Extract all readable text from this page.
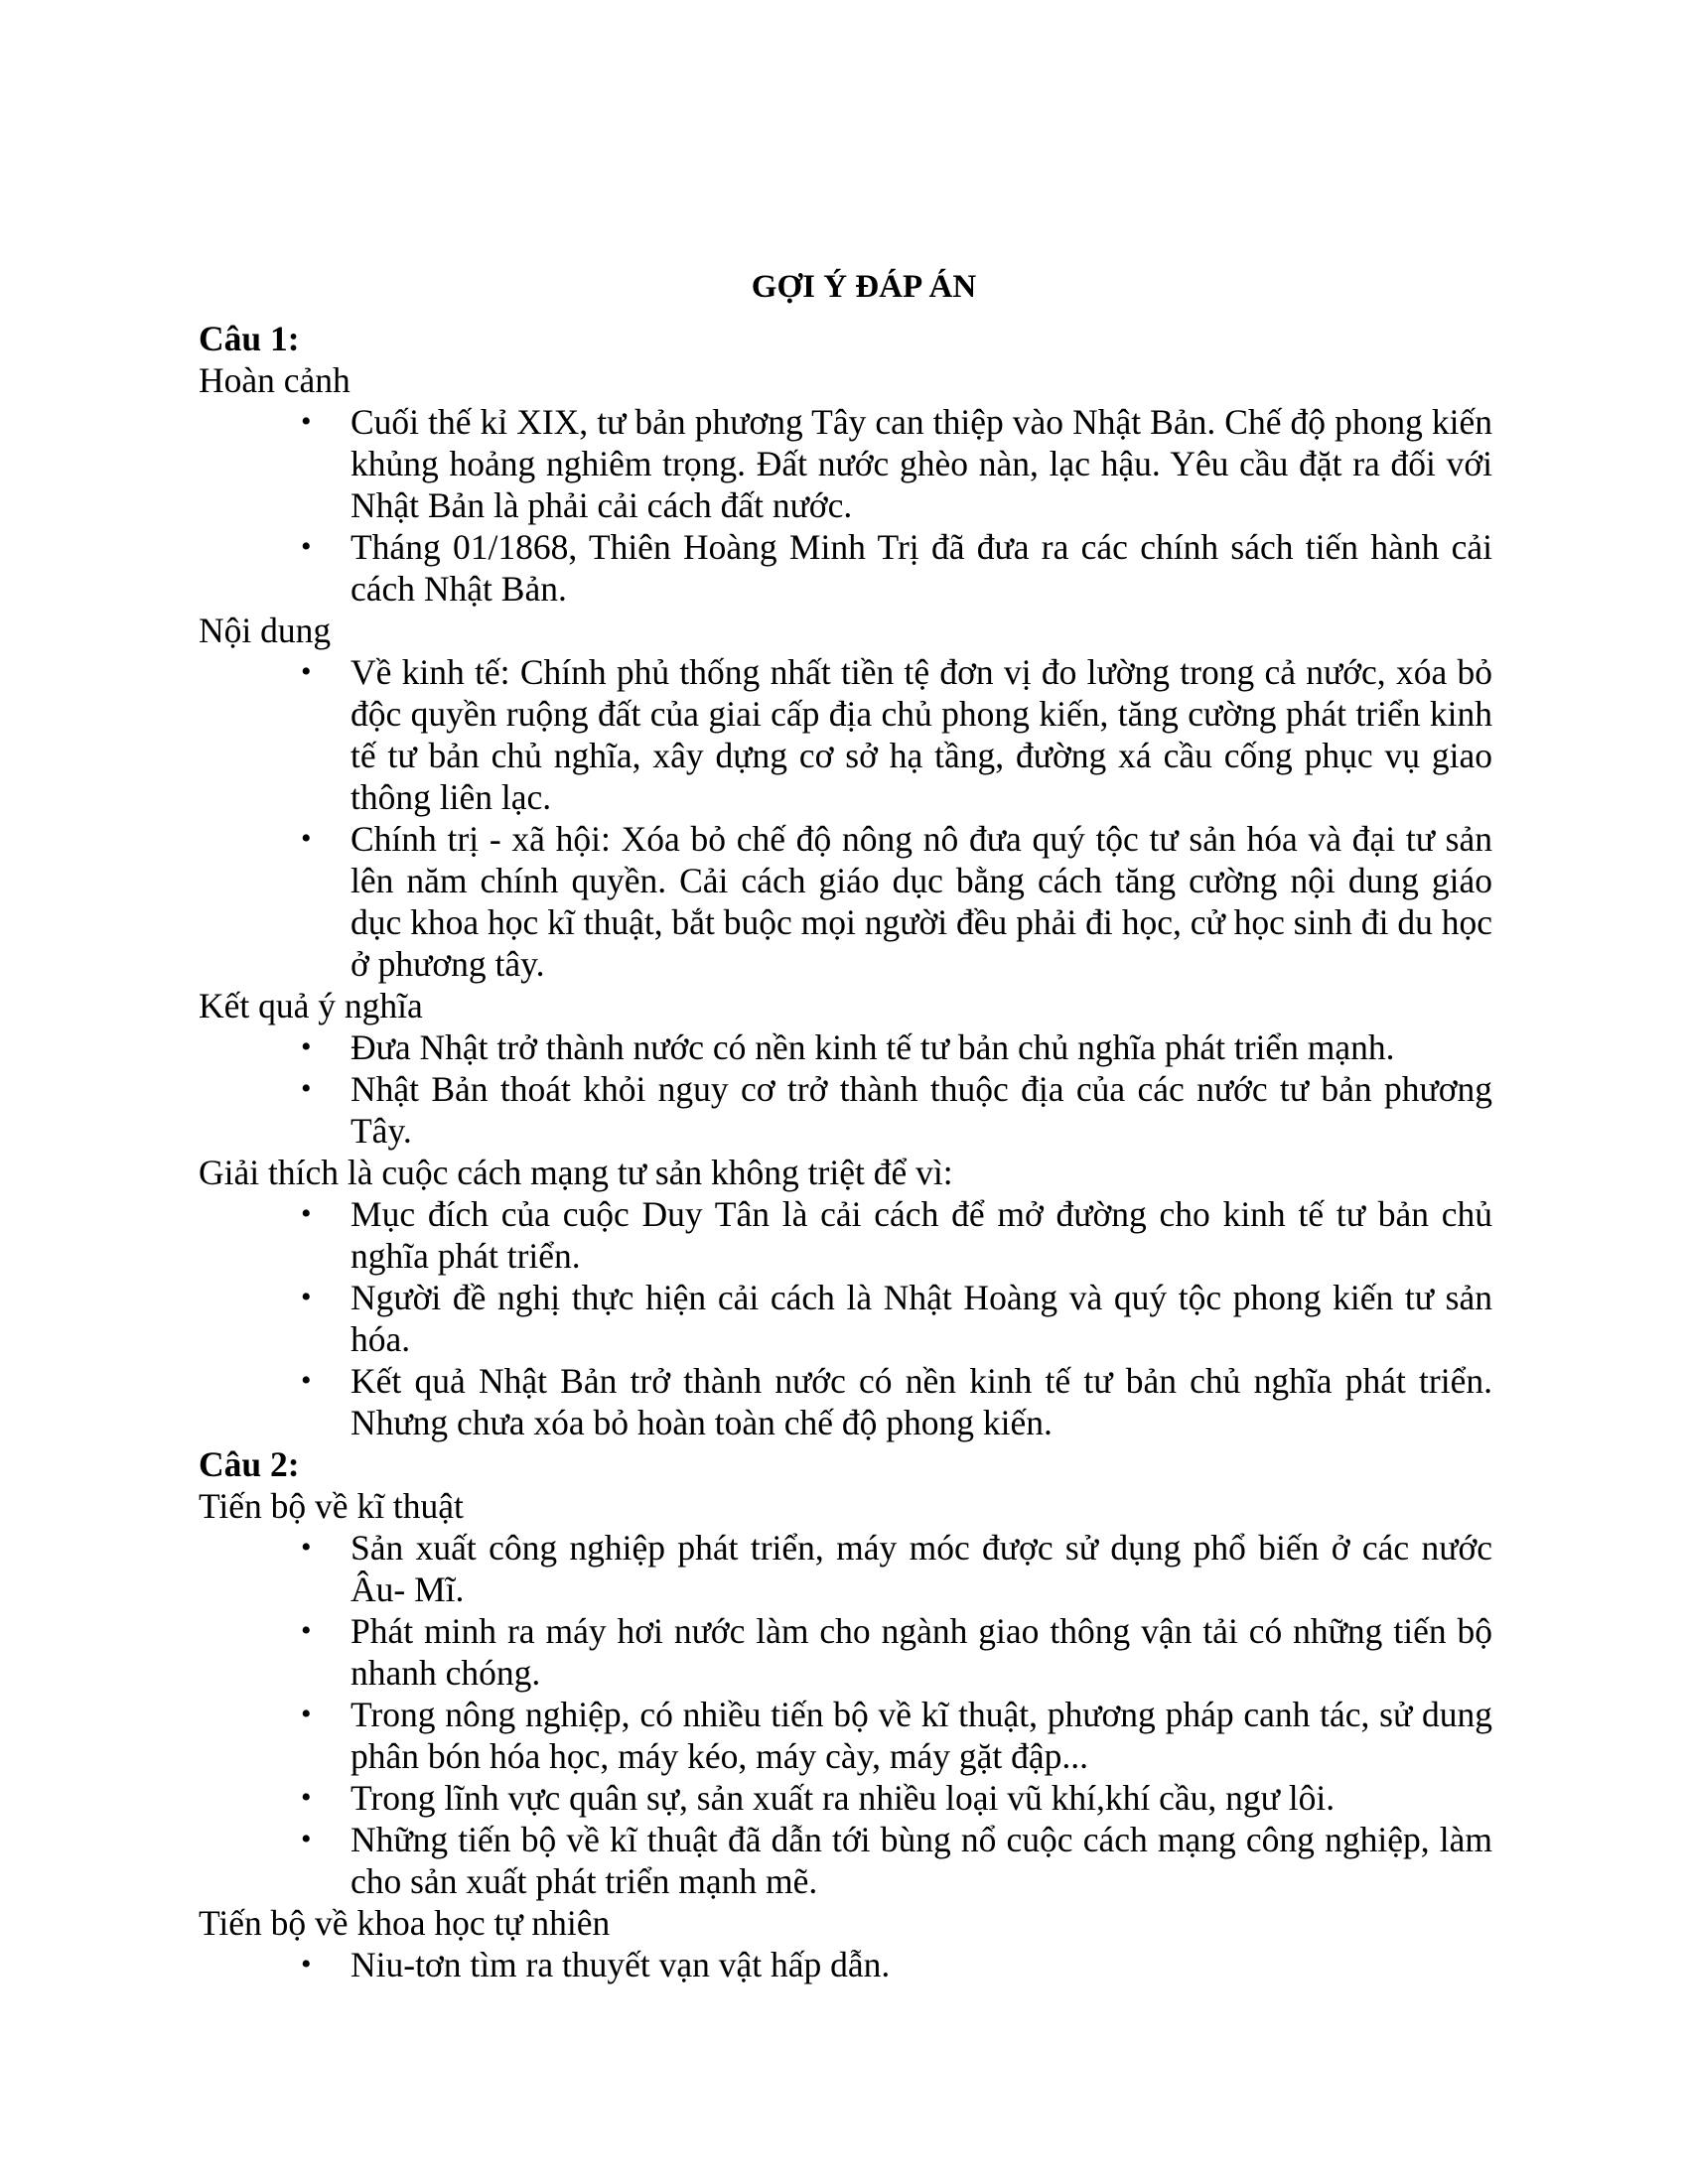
GỢI Ý ĐÁP ÁN
Câu 1:
Hoàn cảnh
• Cuối thế kỉ XIX, tư bản phương Tây can thiệp vào Nhật Bản. Chế độ phong kiến khủng hoảng nghiêm trọng. Đất nước ghèo nàn, lạc hậu. Yêu cầu đặt ra đối với Nhật Bản là phải cải cách đất nước.
• Tháng 01/1868, Thiên Hoàng Minh Trị đã đưa ra các chính sách tiến hành cải cách Nhật Bản.
Nội dung
• Về kinh tế: Chính phủ thống nhất tiền tệ đơn vị đo lường trong cả nước, xóa bỏ độc quyền ruộng đất của giai cấp địa chủ phong kiến, tăng cường phát triển kinh tế tư bản chủ nghĩa, xây dựng cơ sở hạ tầng, đường xá cầu cống phục vụ giao thông liên lạc.
• Chính trị - xã hội: Xóa bỏ chế độ nông nô đưa quý tộc tư sản hóa và đại tư sản lên năm chính quyền. Cải cách giáo dục bằng cách tăng cường nội dung giáo dục khoa học kĩ thuật, bắt buộc mọi người đều phải đi học, cử học sinh đi du học ở phương tây.
Kết quả ý nghĩa
• Đưa Nhật trở thành nước có nền kinh tế tư bản chủ nghĩa phát triển mạnh.
• Nhật Bản thoát khỏi nguy cơ trở thành thuộc địa của các nước tư bản phương Tây.
Giải thích là cuộc cách mạng tư sản không triệt để vì:
• Mục đích của cuộc Duy Tân là cải cách để mở đường cho kinh tế tư bản chủ nghĩa phát triển.
• Người đề nghị thực hiện cải cách là Nhật Hoàng và quý tộc phong kiến tư sản hóa.
• Kết quả Nhật Bản trở thành nước có nền kinh tế tư bản chủ nghĩa phát triển. Nhưng chưa xóa bỏ hoàn toàn chế độ phong kiến.
Câu 2:
Tiến bộ về kĩ thuật
• Sản xuất công nghiệp phát triển, máy móc được sử dụng phổ biến ở các nước Âu- Mĩ.
• Phát minh ra máy hơi nước làm cho ngành giao thông vận tải có những tiến bộ nhanh chóng.
• Trong nông nghiệp, có nhiều tiến bộ về kĩ thuật, phương pháp canh tác, sử dung phân bón hóa học, máy kéo, máy cày, máy gặt đập...
• Trong lĩnh vực quân sự, sản xuất ra nhiều loại vũ khí,khí cầu, ngư lôi.
• Những tiến bộ về kĩ thuật đã dẫn tới bùng nổ cuộc cách mạng công nghiệp, làm cho sản xuất phát triển mạnh mẽ.
Tiến bộ về khoa học tự nhiên
• Niu-tơn tìm ra thuyết vạn vật hấp dẫn.
